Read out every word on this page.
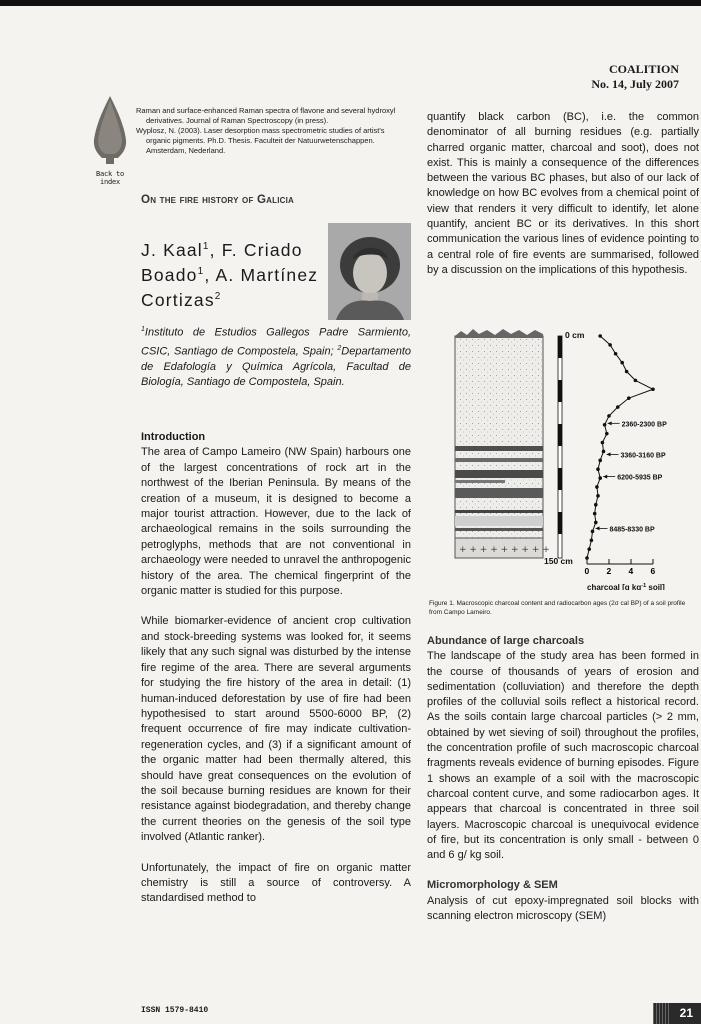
COALITION
No. 14, July 2007
Back to index

Raman and surface-enhanced Raman spectra of flavone and several hydroxyl derivatives. Journal of Raman Spectroscopy (in press).

Wyplosz, N. (2003). Laser desorption mass spectrometric studies of artist's organic pigments. Ph.D. Thesis. Faculteit der Natuurwetenschappen. Amsterdam, Nederland.

On the fire history of Galicia
J. Kaal$^1$, F. Criado
Boado$^1$, A. Martínez
Cortizas$^2$
$^1$Instituto de Estudios Gallegos Padre Sarmiento, CSIC, Santiago de Compostela, Spain; $^2$Departamento de Edafología y Química Agrícola, Facultad de Biología, Santiago de Compostela, Spain.
Introduction

The area of Campo Lameiro (NW Spain) harbours one of the largest concentrations of rock art in the northwest of the Iberian Peninsula. By means of the creation of a museum, it is designed to become a major tourist attraction. However, due to the lack of archaeological remains in the soils surrounding the petroglyphs, methods that are not conventional in archaeology were needed to unravel the anthropogenic history of the area. The chemical fingerprint of the organic matter is studied for this purpose.

While biomarker-evidence of ancient crop cultivation and stock-breeding systems was looked for, it seems likely that any such signal was disturbed by the intense fire regime of the area. There are several arguments for studying the fire history of the area in detail: (1) human-induced deforestation by use of fire had been hypothesised to start around 5500-6000 BP, (2) frequent occurrence of fire may indicate cultivation-regeneration cycles, and (3) if a significant amount of the organic matter had been thermally altered, this should have great consequences on the evolution of the soil because burning residues are known for their resistance against biodegradation, and thereby change the current theories on the genesis of the soil type involved (Atlantic ranker).

Unfortunately, the impact of fire on organic matter chemistry is still a source of controversy. A standardised method to

quantify black carbon (BC), i.e. the common denominator of all burning residues (e.g. partially charred organic matter, charcoal and soot), does not exist. This is mainly a consequence of the differences between the various BC phases, but also of our lack of knowledge on how BC evolves from a chemical point of view that renders it very difficult to identify, let alone quantify, ancient BC or its derivatives. In this short communication the various lines of evidence pointing to a central role of fire events are summarised, followed by a discussion on the implications of this hypothesis.
+ + + + + + + + +
0 cm
150 cm
2360-2300 BP
3360-3160 BP
6200-5935 BP
8485-8330 BP
0 2 4 6
charcoal [g $kg^{-1}$ soil]
Figure 1. Macroscopic charcoal content and radiocarbon ages (2σ cal BP) of a soil profile from Campo Lameiro.
Abundance of large charcoals

The landscape of the study area has been formed in the course of thousands of years of erosion and sedimentation (colluviation) and therefore the depth profiles of the colluvial soils reflect a historical record. As the soils contain large charcoal particles (> 2 mm, obtained by wet sieving of soil) throughout the profiles, the concentration profile of such macroscopic charcoal fragments reveals evidence of burning episodes. Figure 1 shows an example of a soil with the macroscopic charcoal content curve, and some radiocarbon ages. It appears that charcoal is concentrated in three soil layers. Macroscopic charcoal is unequivocal evidence of fire, but its concentration is only small - between 0 and 6 g/ kg soil.

Micromorphology & SEM

Analysis of cut epoxy-impregnated soil blocks with scanning electron microscopy (SEM)

ISSN 1579-8410	21
